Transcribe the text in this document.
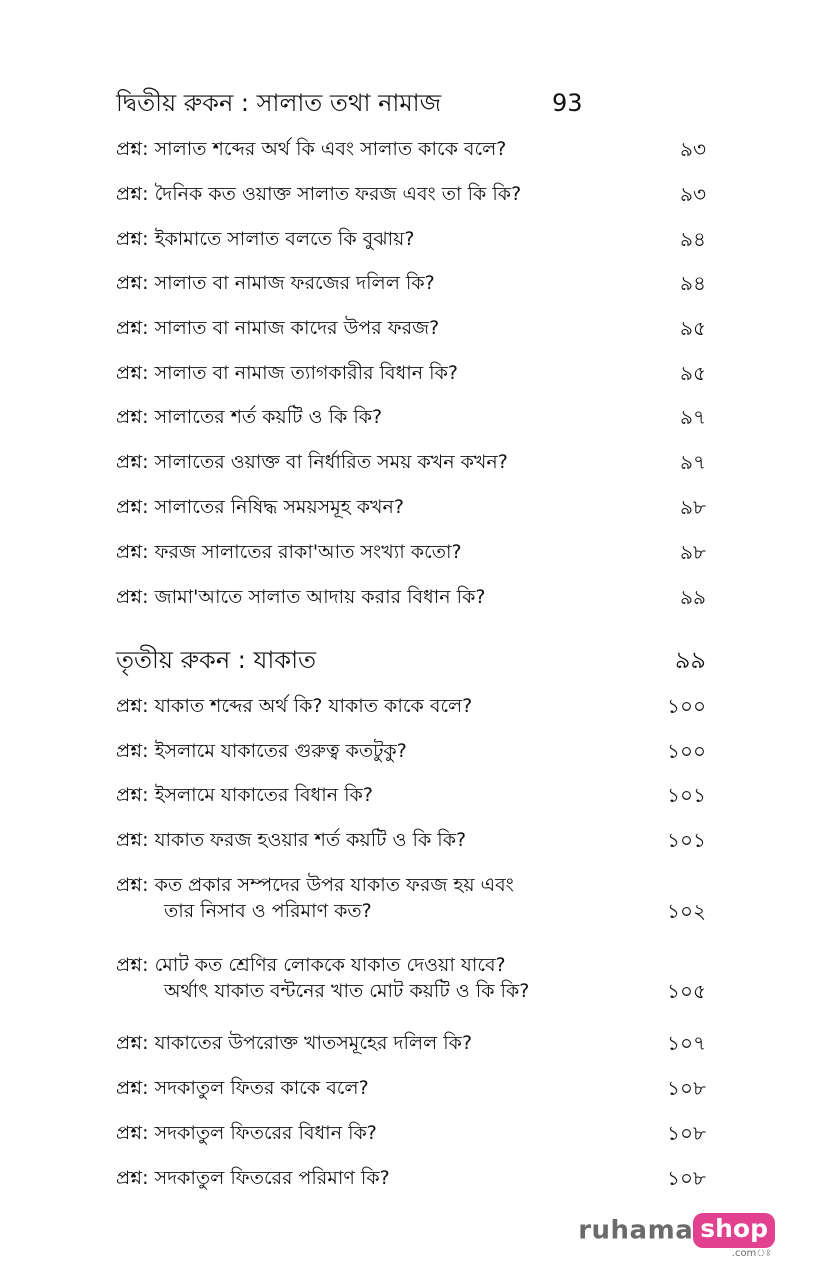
দ্বিতীয় রুকন : সালাত তথা নামাজ	93
প্রশ্ন: সালাত শব্দের অর্থ কি এবং সালাত কাকে বলে?	৯৩
প্রশ্ন: দৈনিক কত ওয়াক্ত সালাত ফরজ এবং তা কি কি?	৯৩
প্রশ্ন: ইকামাতে সালাত বলতে কি বুঝায়?	৯৪
প্রশ্ন: সালাত বা নামাজ ফরজের দলিল কি?	৯৪
প্রশ্ন: সালাত বা নামাজ কাদের উপর ফরজ?	৯৫
প্রশ্ন: সালাত বা নামাজ ত্যাগকারীর বিধান কি?	৯৫
প্রশ্ন: সালাতের শর্ত কয়টি ও কি কি?	৯৭
প্রশ্ন: সালাতের ওয়াক্ত বা নির্ধারিত সময় কখন কখন?	৯৭
প্রশ্ন: সালাতের নিষিদ্ধ সময়সমূহ কখন?	৯৮
প্রশ্ন: ফরজ সালাতের রাকা'আত সংখ্যা কতো?	৯৮
প্রশ্ন: জামা'আতে সালাত আদায় করার বিধান কি?	৯৯
তৃতীয় রুকন : যাকাত	৯৯
প্রশ্ন: যাকাত শব্দের অর্থ কি? যাকাত কাকে বলে?	১০০
প্রশ্ন: ইসলামে যাকাতের গুরুত্ব কতটুকু?	১০০
প্রশ্ন: ইসলামে যাকাতের বিধান কি?	১০১
প্রশ্ন: যাকাত ফরজ হওয়ার শর্ত কয়টি ও কি কি?	১০১
প্রশ্ন: কত প্রকার সম্পদের উপর যাকাত ফরজ হয় এবং
তার নিসাব ও পরিমাণ কত?	১০২
প্রশ্ন: মোট কত শ্রেণির লোককে যাকাত দেওয়া যাবে?
অর্থাৎ যাকাত বন্টনের খাত মোট কয়টি ও কি কি?	১০৫
প্রশ্ন: যাকাতের উপরোক্ত খাতসমূহের দলিল কি?	১০৭
প্রশ্ন: সদকাতুল ফিতর কাকে বলে?	১০৮
প্রশ্ন: সদকাতুল ফিতরের বিধান কি?	১০৮
প্রশ্ন: সদকাতুল ফিতরের পরিমাণ কি?	১০৮
ruhama shop
.comঃ
